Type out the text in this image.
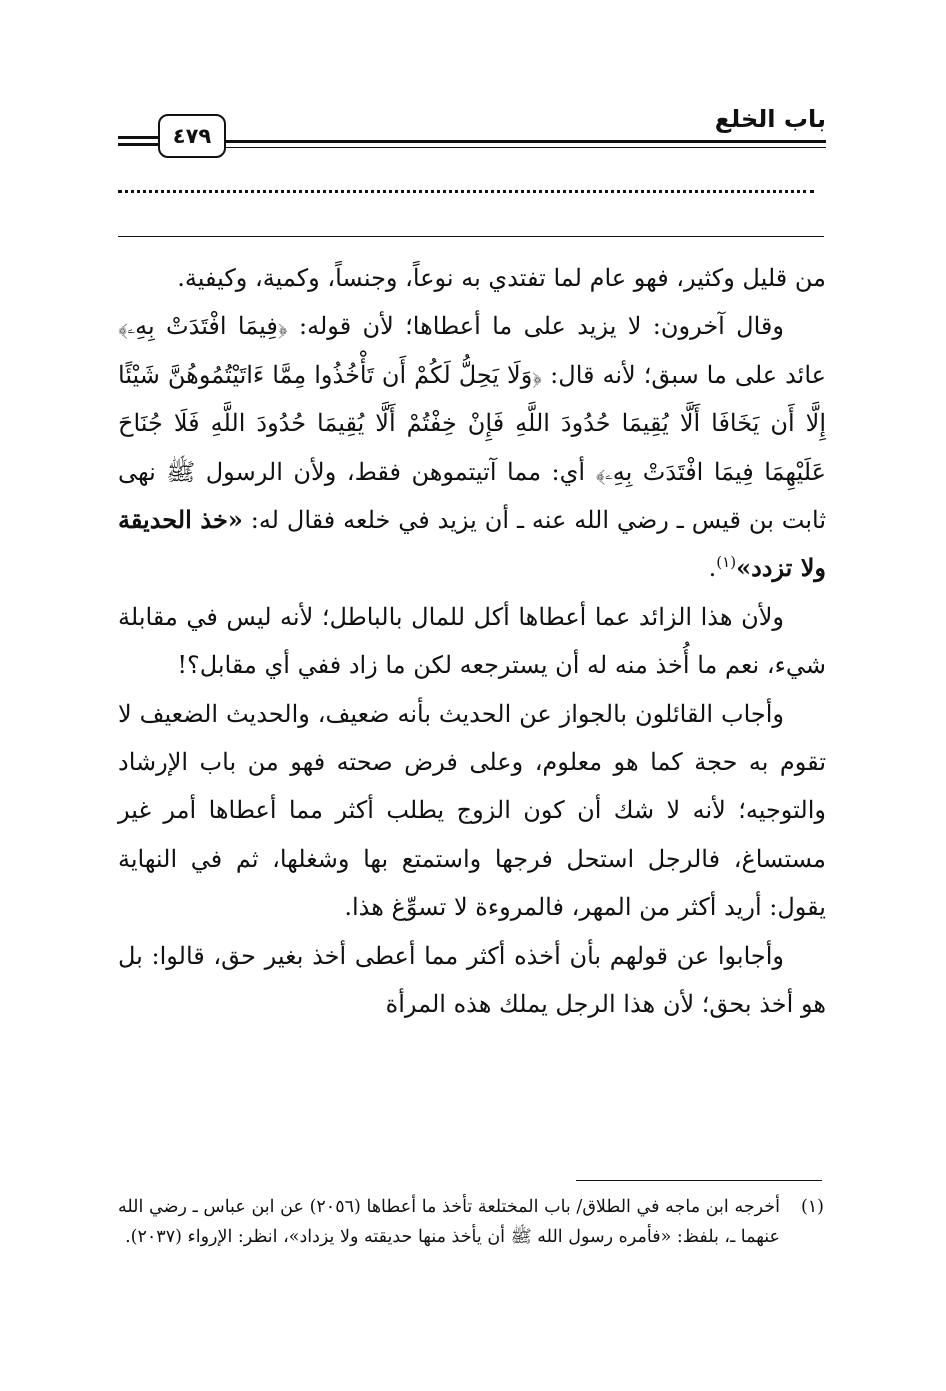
باب الخلع
٤٧٩

من قليل وكثير، فهو عام لما تفتدي به نوعاً، وجنساً، وكمية، وكيفية.

وقال آخرون: لا يزيد على ما أعطاها؛ لأن قوله: ﴿فِيمَا افْتَدَتْ بِهِۦ﴾ عائد على ما سبق؛ لأنه قال: ﴿وَلَا يَحِلُّ لَكُمْ أَن تَأْخُذُوا مِمَّا ءَاتَيْتُمُوهُنَّ شَيْئًا إِلَّا أَن يَخَافَا أَلَّا يُقِيمَا حُدُودَ اللَّهِ فَإِنْ خِفْتُمْ أَلَّا يُقِيمَا حُدُودَ اللَّهِ فَلَا جُنَاحَ عَلَيْهِمَا فِيمَا افْتَدَتْ بِهِۦ﴾ أي: مما آتيتموهن فقط، ولأن الرسول ﷺ نهى ثابت بن قيس ـ رضي الله عنه ـ أن يزيد في خلعه فقال له: «خذ الحديقة ولا تزدد»$^{(١)}$.

ولأن هذا الزائد عما أعطاها أكل للمال بالباطل؛ لأنه ليس في مقابلة شيء، نعم ما أُخذ منه له أن يسترجعه لكن ما زاد ففي أي مقابل؟!

وأجاب القائلون بالجواز عن الحديث بأنه ضعيف، والحديث الضعيف لا تقوم به حجة كما هو معلوم، وعلى فرض صحته فهو من باب الإرشاد والتوجيه؛ لأنه لا شك أن كون الزوج يطلب أكثر مما أعطاها أمر غير مستساغ، فالرجل استحل فرجها واستمتع بها وشغلها، ثم في النهاية يقول: أريد أكثر من المهر، فالمروءة لا تسوِّغ هذا.

وأجابوا عن قولهم بأن أخذه أكثر مما أعطى أخذ بغير حق، قالوا: بل هو أخذ بحق؛ لأن هذا الرجل يملك هذه المرأة

(١)
أخرجه ابن ماجه في الطلاق/ باب المختلعة تأخذ ما أعطاها (٢٠٥٦) عن ابن عباس ـ رضي الله عنهما ـ، بلفظ: «فأمره رسول الله ﷺ أن يأخذ منها حديقته ولا يزداد»، انظر: الإرواء (٢٠٣٧).
